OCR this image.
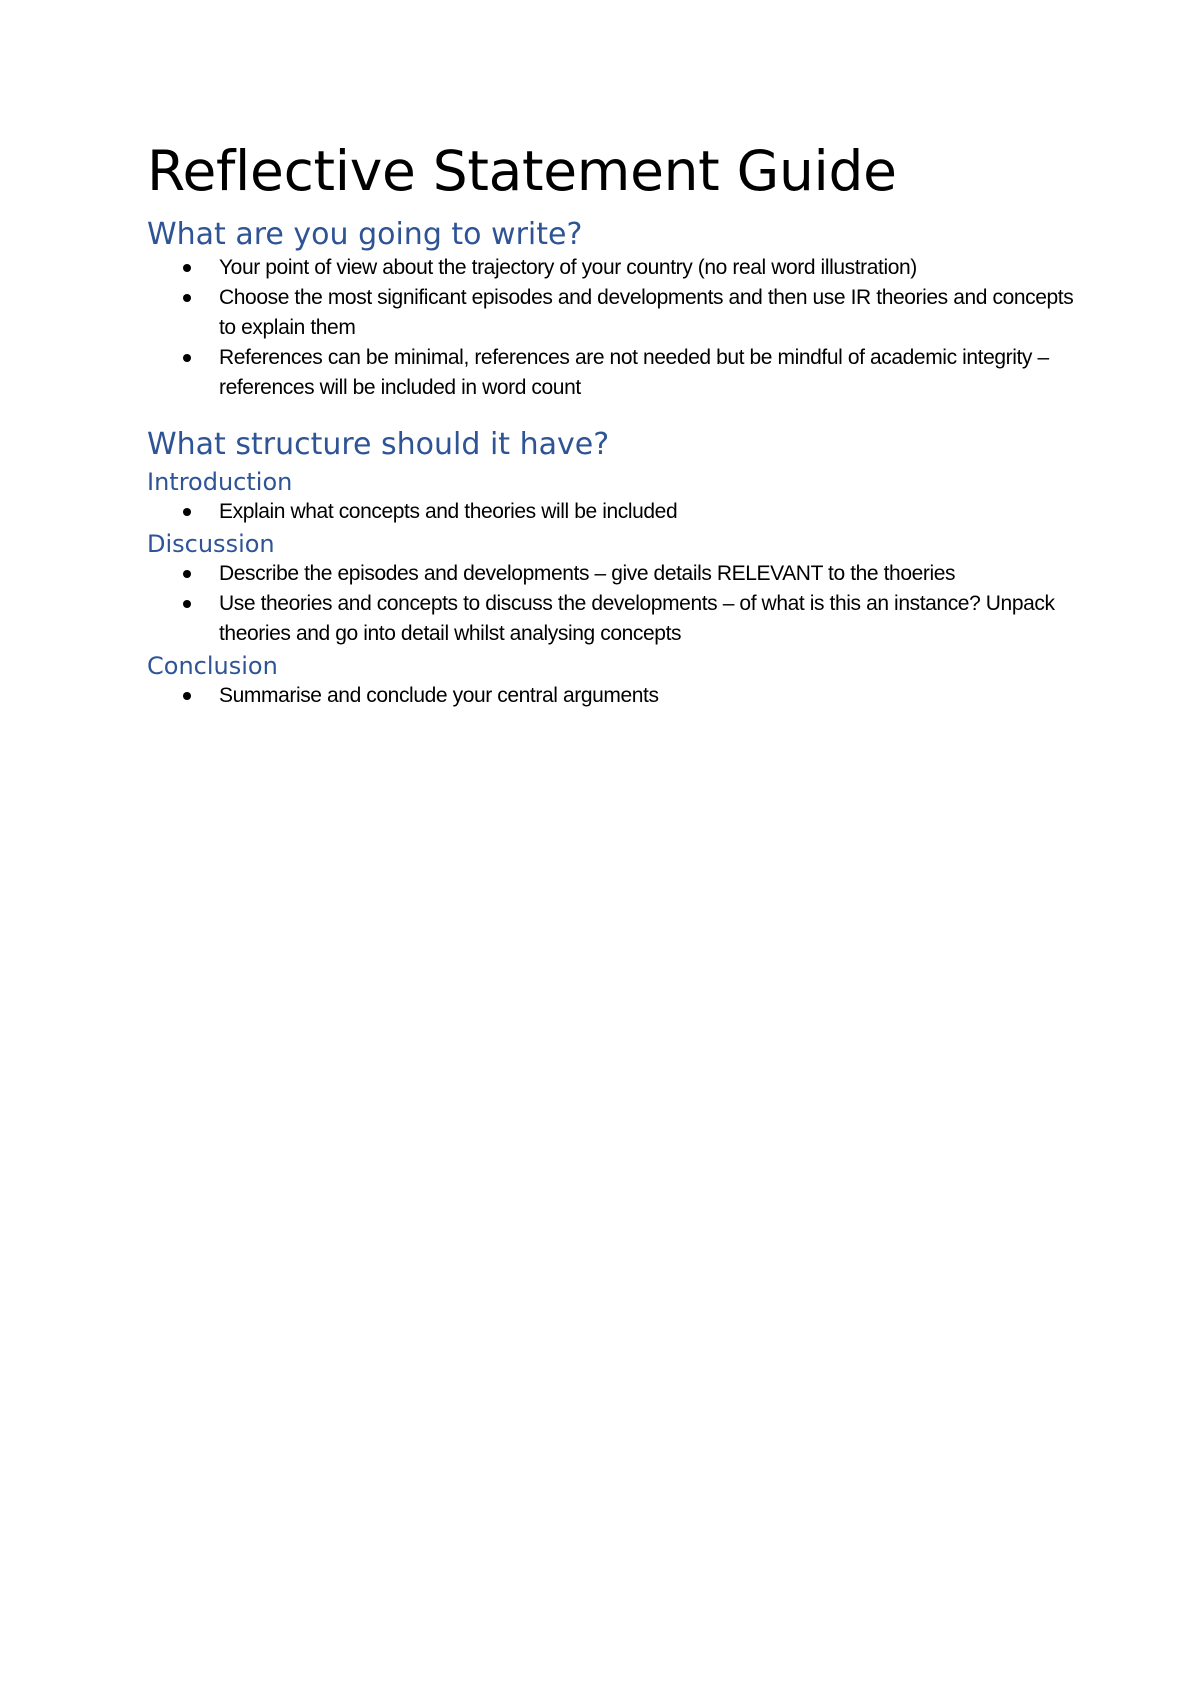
Reflective Statement Guide
What are you going to write?
Your point of view about the trajectory of your country (no real word illustration)
Choose the most significant episodes and developments and then use IR theories and concepts to explain them
References can be minimal, references are not needed but be mindful of academic integrity – references will be included in word count
What structure should it have?
Introduction
Explain what concepts and theories will be included
Discussion
Describe the episodes and developments – give details RELEVANT to the thoeries
Use theories and concepts to discuss the developments – of what is this an instance? Unpack theories and go into detail whilst analysing concepts
Conclusion
Summarise and conclude your central arguments
